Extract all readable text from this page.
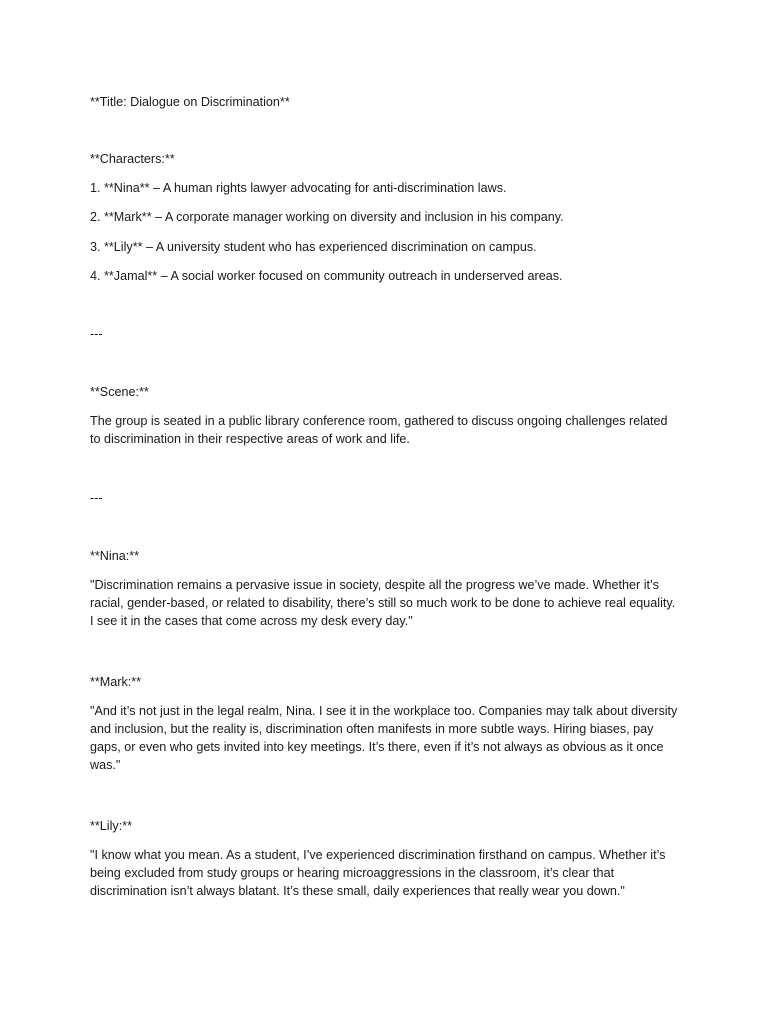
**Title: Dialogue on Discrimination**

**Characters:**

1. **Nina** – A human rights lawyer advocating for anti-discrimination laws.

2. **Mark** – A corporate manager working on diversity and inclusion in his company.

3. **Lily** – A university student who has experienced discrimination on campus.

4. **Jamal** – A social worker focused on community outreach in underserved areas.

---

**Scene:**

The group is seated in a public library conference room, gathered to discuss ongoing challenges related to discrimination in their respective areas of work and life.

---

**Nina:**

"Discrimination remains a pervasive issue in society, despite all the progress we’ve made. Whether it’s racial, gender-based, or related to disability, there’s still so much work to be done to achieve real equality. I see it in the cases that come across my desk every day."

**Mark:**

"And it’s not just in the legal realm, Nina. I see it in the workplace too. Companies may talk about diversity and inclusion, but the reality is, discrimination often manifests in more subtle ways. Hiring biases, pay gaps, or even who gets invited into key meetings. It’s there, even if it’s not always as obvious as it once was."

**Lily:**

"I know what you mean. As a student, I’ve experienced discrimination firsthand on campus. Whether it’s being excluded from study groups or hearing microaggressions in the classroom, it’s clear that discrimination isn’t always blatant. It’s these small, daily experiences that really wear you down."
